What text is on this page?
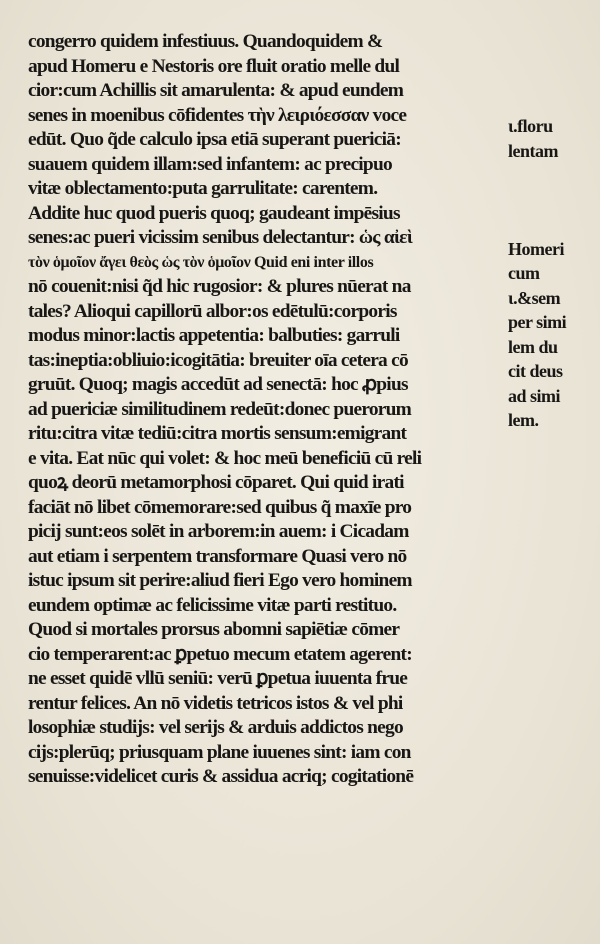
congerro quidem infestiuus. Quandoquidem &
apud Homeru e Nestoris ore fluit oratio melle dul
cior:cum Achillis sit amarulenta: & apud eundem
senes in moenibus cōfidentes τὴν λειριόεσσαν voce
edūt. Quo q̃de calculo ipsa etiā superant puericiā:
suauem quidem illam:sed infantem: ac precipuo
vitæ oblectamento:puta garrulitate: carentem.
Addite huc quod pueris quoq; gaudeant impēsius
senes:ac pueri vicissim senibus delectantur: ὡς αἰεὶ
τὸν ὁμοῖον ἄγει θεὸς ὡς τὸν ὁμοῖον Quid eni inter illos
nō couenit:nisi q̃d hic rugosior: & plures nūerat na
tales? Alioqui capillorū albor:os edētulū:corporis
modus minor:lactis appetentia: balbuties: garruli
tas:ineptia:obliuio:icogitātia: breuiter oīa cetera cō
gruūt. Quoq; magis accedūt ad senectā: hoc ꝓpius
ad puericiæ similitudinem redeūt:donec puerorum
ritu:citra vitæ tediū:citra mortis sensum:emigrant
e vita. Eat nūc qui volet: & hoc meū beneficiū cū reli
quoꝝ deorū metamorphosi cōparet. Qui quid irati
faciāt nō libet cōmemorare:sed quibus q̃ maxīe pro
picij sunt:eos solēt in arborem:in auem: i Cicadam
aut etiam i serpentem transformare Quasi vero nō
istuc ipsum sit perire:aliud fieri Ego vero hominem
eundem optimæ ac felicissime vitæ parti restituo.
Quod si mortales prorsus abomni sapiētiæ cōmer
cio temperarent:ac ꝑpetuo mecum etatem agerent:
ne esset quidē vllū seniū: verū ꝑpetua iuuenta frue
rentur felices. An nō videtis tetricos istos & vel phi
losophiæ studijs: vel serijs & arduis addictos nego
cijs:plerūq; priusquam plane iuuenes sint: iam con
senuisse:videlicet curis & assidua acriq; cogitationē
ι.floru
lentam
Homeri
cum
ι.&sem
per simi
lem du
cit deus
ad simi
lem.
